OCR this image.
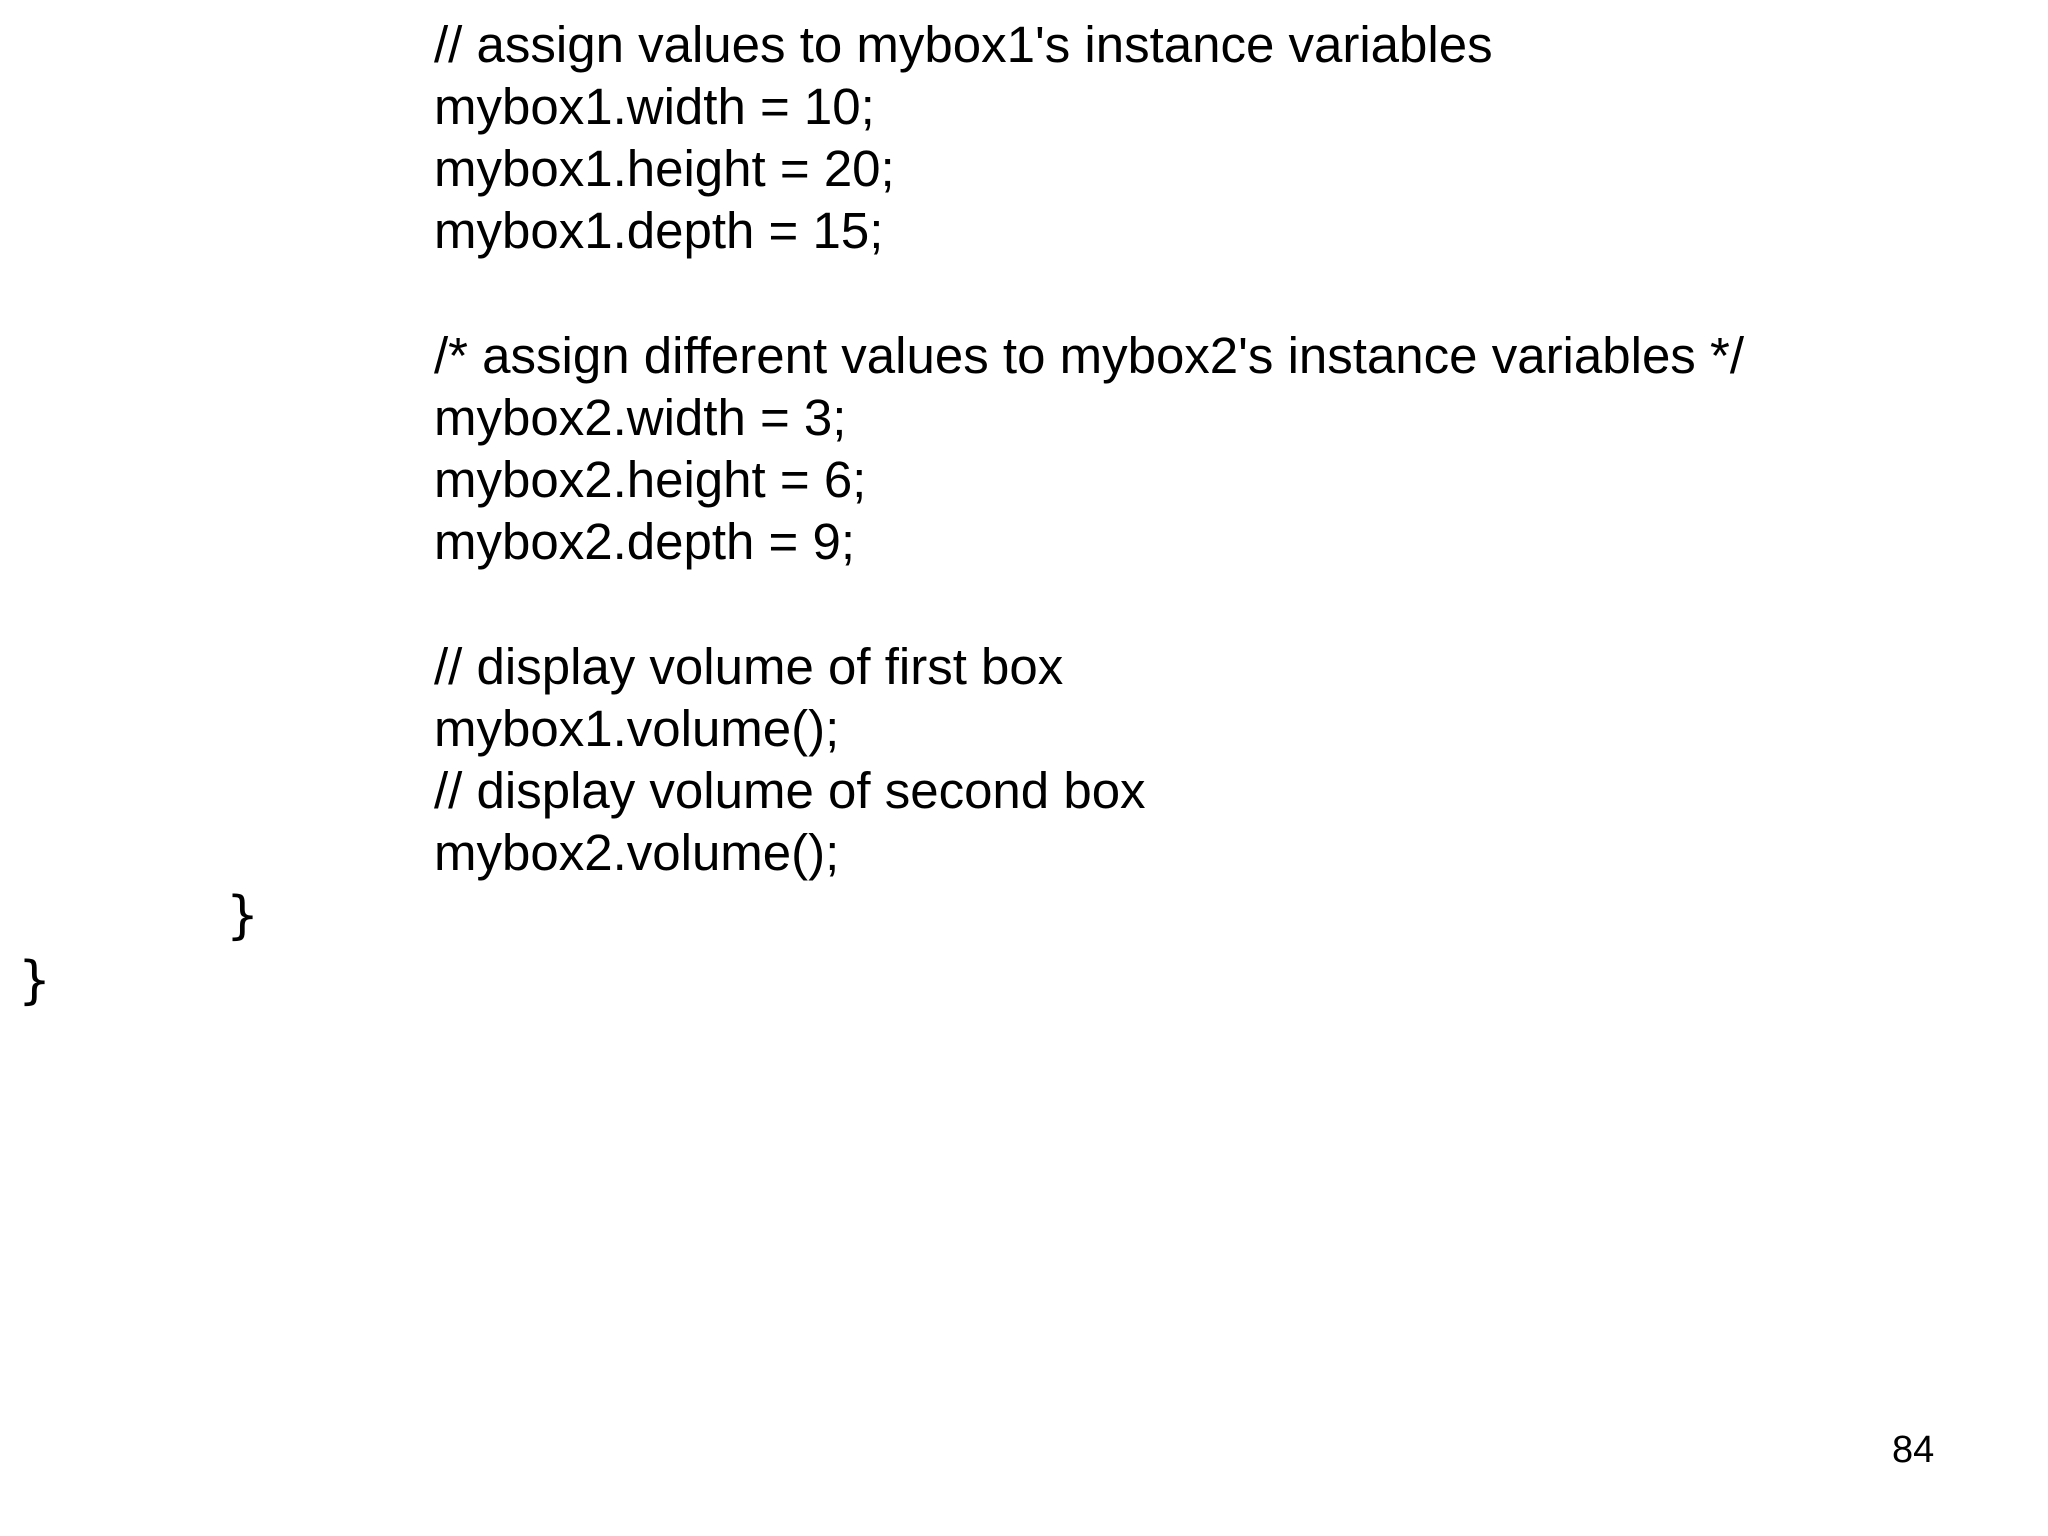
// assign values to mybox1's instance variables
mybox1.width = 10;
mybox1.height = 20;
mybox1.depth = 15;
/* assign different values to mybox2's instance variables */
mybox2.width = 3;
mybox2.height = 6;
mybox2.depth = 9;
// display volume of first box
mybox1.volume();
// display volume of second box
mybox2.volume();
}
}
84
